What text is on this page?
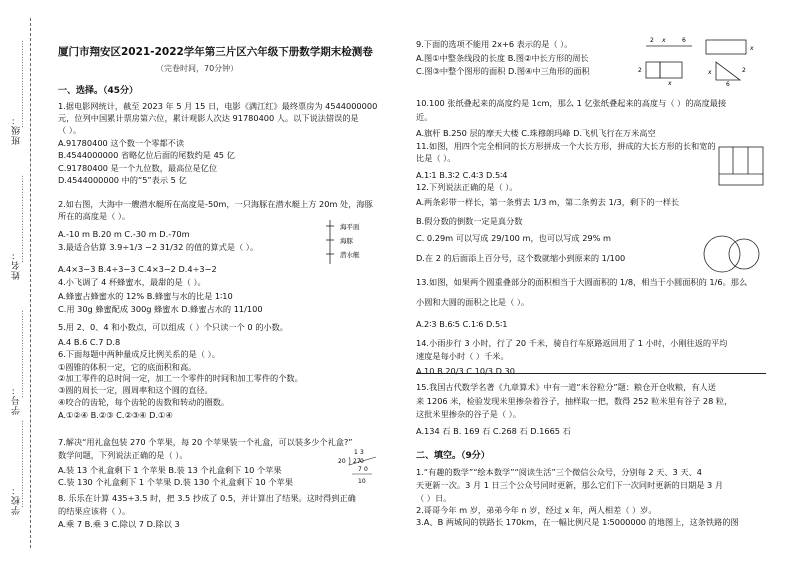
班级：
姓名：
学号：
学校：
……………………………
……………………………
……………………………
……………………………
厦门市翔安区2021-2022学年第三片区六年级下册数学期末检测卷
（完卷时间，70分钟）
一、选择。（45分）
1.据电影网统计，截至 2023 年 5 月 15 日，电影《满江红》最终票房为 4544000000
元，位列中国累计票房第六位，累计观影人次达 91780400 人。以下说法错误的是
（ ）。
A.91780400 这个数一个零都不读
B.4544000000 省略亿位后面的尾数约是 45 亿
C.91780400 是一个九位数，最高位是亿位
D.4544000000 中的“5”表示 5 亿
2.如右图，大海中一艘潜水艇所在高度是-50m，一只海豚在潜水艇上方 20m 处，海豚
所在的高度是（ ）。
A.-10 m B.20 m C.-30 m D.-70m
3.最适合估算 3.9÷1/3 −2 31/32 的值的算式是（ ）。
A.4×3−3 B.4÷3−3 C.4×3−2 D.4÷3−2
4.小飞调了 4 杯蜂蜜水，最甜的是（ ）。
A.蜂蜜占蜂蜜水的 12% B.蜂蜜与水的比是 1∶10
C.用 30g 蜂蜜配成 300g 蜂蜜水 D.蜂蜜占水的 11/100
5.用 2、0、4 和小数点，可以组成（ ）个只读一个 0 的小数。
A.4 B.6 C.7 D.8
6.下面每题中两种量成反比例关系的是（ ）。
①圆锥的体积一定，它的底面积和高。
②加工零件的总时间一定，加工一个零件的时间和加工零件的个数。
③圆的周长一定，圆周率和这个圆的直径。
④咬合的齿轮，每个齿轮的齿数和转动的圈数。
A.①②④ B.②③ C.②③④ D.①④
7.解决“用礼盒包装 270 个苹果，每 20 个苹果装一个礼盒，可以装多少个礼盒?”
数学问题，下列说法正确的是（ ）。
A.装 13 个礼盒剩下 1 个苹果 B.装 13 个礼盒剩下 10 个苹果
C.装 130 个礼盒剩下 1 个苹果 D.装 130 个礼盒剩下 10 个苹果
8. 乐乐在计算 435÷3.5 时，把 3.5 抄成了 0.5，并计算出了结果。这时得到正确
的结果应该将（ ）。
A.乘 7 B.乘 3 C.除以 7 D.除以 3
9.下面的选项不能用 2x+6 表示的是（ ）。
A.图①中整条线段的长度 B.图②中长方形的周长
C.图③中整个图形的面积 D.图④中三角形的面积
10.100 张纸叠起来的高度约是 1cm，那么 1 亿张纸叠起来的高度与（ ）的高度最接
近。
A.旗杆 B.250 层的摩天大楼 C.珠穆朗玛峰 D.飞机飞行在万米高空
11.如图，用四个完全相同的长方形拼成一个大长方形，拼成的大长方形的长和宽的
比是（ ）。
A.1∶1 B.3∶2 C.4∶3 D.5∶4
12.下列说法正确的是（ ）。
A.两条彩带一样长，第一条剪去 1/3 m，第二条剪去 1/3，剩下的一样长
B.假分数的倒数一定是真分数
C. 0.29m 可以写成 29/100 m，也可以写成 29% m
D.在 2 的后面添上百分号，这个数就缩小到原来的 1/100
13.如图，如果两个圆重叠部分的面积相当于大圆面积的 1/8，相当于小圆面积的 1/6。那么
小圆和大圆的面积之比是（ ）。
A.2∶3 B.6∶5 C.1∶6 D.5∶1
14.小雨步行 3 小时，行了 20 千米，骑自行车原路返回用了 1 小时，小刚往返的平均
速度是每小时（ ）千米。
A.10 B.20/3 C.10/3 D.30
15.我国古代数学名著《九章算术》中有一道“米谷粒分”题：粮仓开仓收粮，有人送
来 1206 米，检验发现米里掺杂着谷子，抽样取一把，数得 252 粒米里有谷子 28 粒，
这批米里掺杂的谷子是（ ）。
A.134 石 B. 169 石 C.268 石 D.1665 石
二、填空。（9分）
1.“有趣的数学”“绘本数学”“阅读生活”三个微信公众号，分别每 2 天、3 天、4
天更新一次。3 月 1 日三个公众号同时更新，那么它们下一次同时更新的日期是 3 月
（ ）日。
2.哥哥今年 m 岁，弟弟今年 n 岁，经过 x 年，两人相差（ ）岁。
3.A、B 两城间的铁路长 170km，在一幅比例尺是 1∶5000000 的地图上，这条铁路的图
海平面
海豚
潜水艇
1 3
20 27 0
7 0
10
2 x	6
x
2
x
x	2
6
